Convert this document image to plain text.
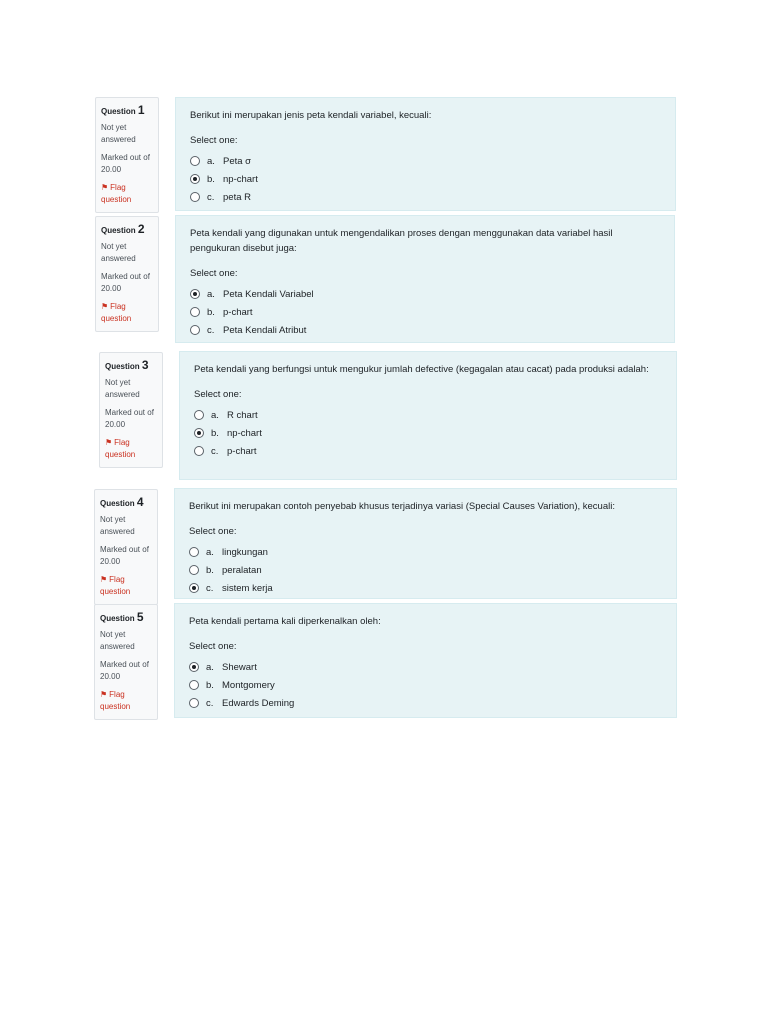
Question 1
Not yet answered
Marked out of 20.00
⚑ Flag question

Berikut ini merupakan jenis peta kendali variabel, kecuali:

Select one:

a. Peta σ
b. np-chart
c. peta R
Question 2
Not yet answered
Marked out of 20.00
⚑ Flag question

Peta kendali yang digunakan untuk mengendalikan proses dengan menggunakan data variabel hasil pengukuran disebut juga:

Select one:

a. Peta Kendali Variabel
b. p-chart
c. Peta Kendali Atribut
Question 3
Not yet answered
Marked out of 20.00
⚑ Flag question

Peta kendali yang berfungsi untuk mengukur jumlah defective (kegagalan atau cacat) pada produksi adalah:

Select one:

a. R chart
b. np-chart
c. p-chart
Question 4
Not yet answered
Marked out of 20.00
⚑ Flag question

Berikut ini merupakan contoh penyebab khusus terjadinya variasi (Special Causes Variation), kecuali:

Select one:

a. lingkungan
b. peralatan
c. sistem kerja
Question 5
Not yet answered
Marked out of 20.00
⚑ Flag question

Peta kendali pertama kali diperkenalkan oleh:

Select one:

a. Shewart
b. Montgomery
c. Edwards Deming
